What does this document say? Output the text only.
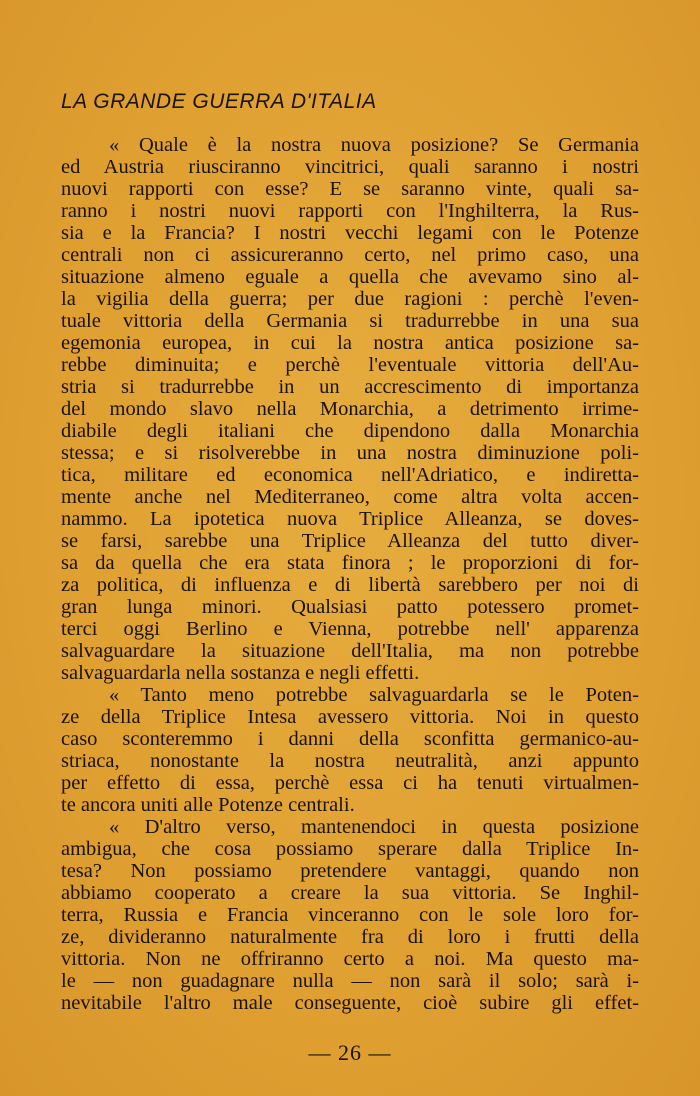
LA GRANDE GUERRA D'ITALIA
« Quale è la nostra nuova posizione? Se Germania
ed Austria riusciranno vincitrici, quali saranno i nostri
nuovi rapporti con esse? E se saranno vinte, quali sa-
ranno i nostri nuovi rapporti con l'Inghilterra, la Rus-
sia e la Francia? I nostri vecchi legami con le Potenze
centrali non ci assicureranno certo, nel primo caso, una
situazione almeno eguale a quella che avevamo sino al-
la vigilia della guerra; per due ragioni : perchè l'even-
tuale vittoria della Germania si tradurrebbe in una sua
egemonia europea, in cui la nostra antica posizione sa-
rebbe diminuita; e perchè l'eventuale vittoria dell'Au-
stria si tradurrebbe in un accrescimento di importanza
del mondo slavo nella Monarchia, a detrimento irrime-
diabile degli italiani che dipendono dalla Monarchia
stessa; e si risolverebbe in una nostra diminuzione poli-
tica, militare ed economica nell'Adriatico, e indiretta-
mente anche nel Mediterraneo, come altra volta accen-
nammo. La ipotetica nuova Triplice Alleanza, se doves-
se farsi, sarebbe una Triplice Alleanza del tutto diver-
sa da quella che era stata finora ; le proporzioni di for-
za politica, di influenza e di libertà sarebbero per noi di
gran lunga minori. Qualsiasi patto potessero promet-
terci oggi Berlino e Vienna, potrebbe nell' apparenza
salvaguardare la situazione dell'Italia, ma non potrebbe
salvaguardarla nella sostanza e negli effetti.
« Tanto meno potrebbe salvaguardarla se le Poten-
ze della Triplice Intesa avessero vittoria. Noi in questo
caso sconteremmo i danni della sconfitta germanico-au-
striaca, nonostante la nostra neutralità, anzi appunto
per effetto di essa, perchè essa ci ha tenuti virtualmen-
te ancora uniti alle Potenze centrali.
« D'altro verso, mantenendoci in questa posizione
ambigua, che cosa possiamo sperare dalla Triplice In-
tesa? Non possiamo pretendere vantaggi, quando non
abbiamo cooperato a creare la sua vittoria. Se Inghil-
terra, Russia e Francia vinceranno con le sole loro for-
ze, divideranno naturalmente fra di loro i frutti della
vittoria. Non ne offriranno certo a noi. Ma questo ma-
le — non guadagnare nulla — non sarà il solo; sarà i-
nevitabile l'altro male conseguente, cioè subire gli effet-
— 26 —
